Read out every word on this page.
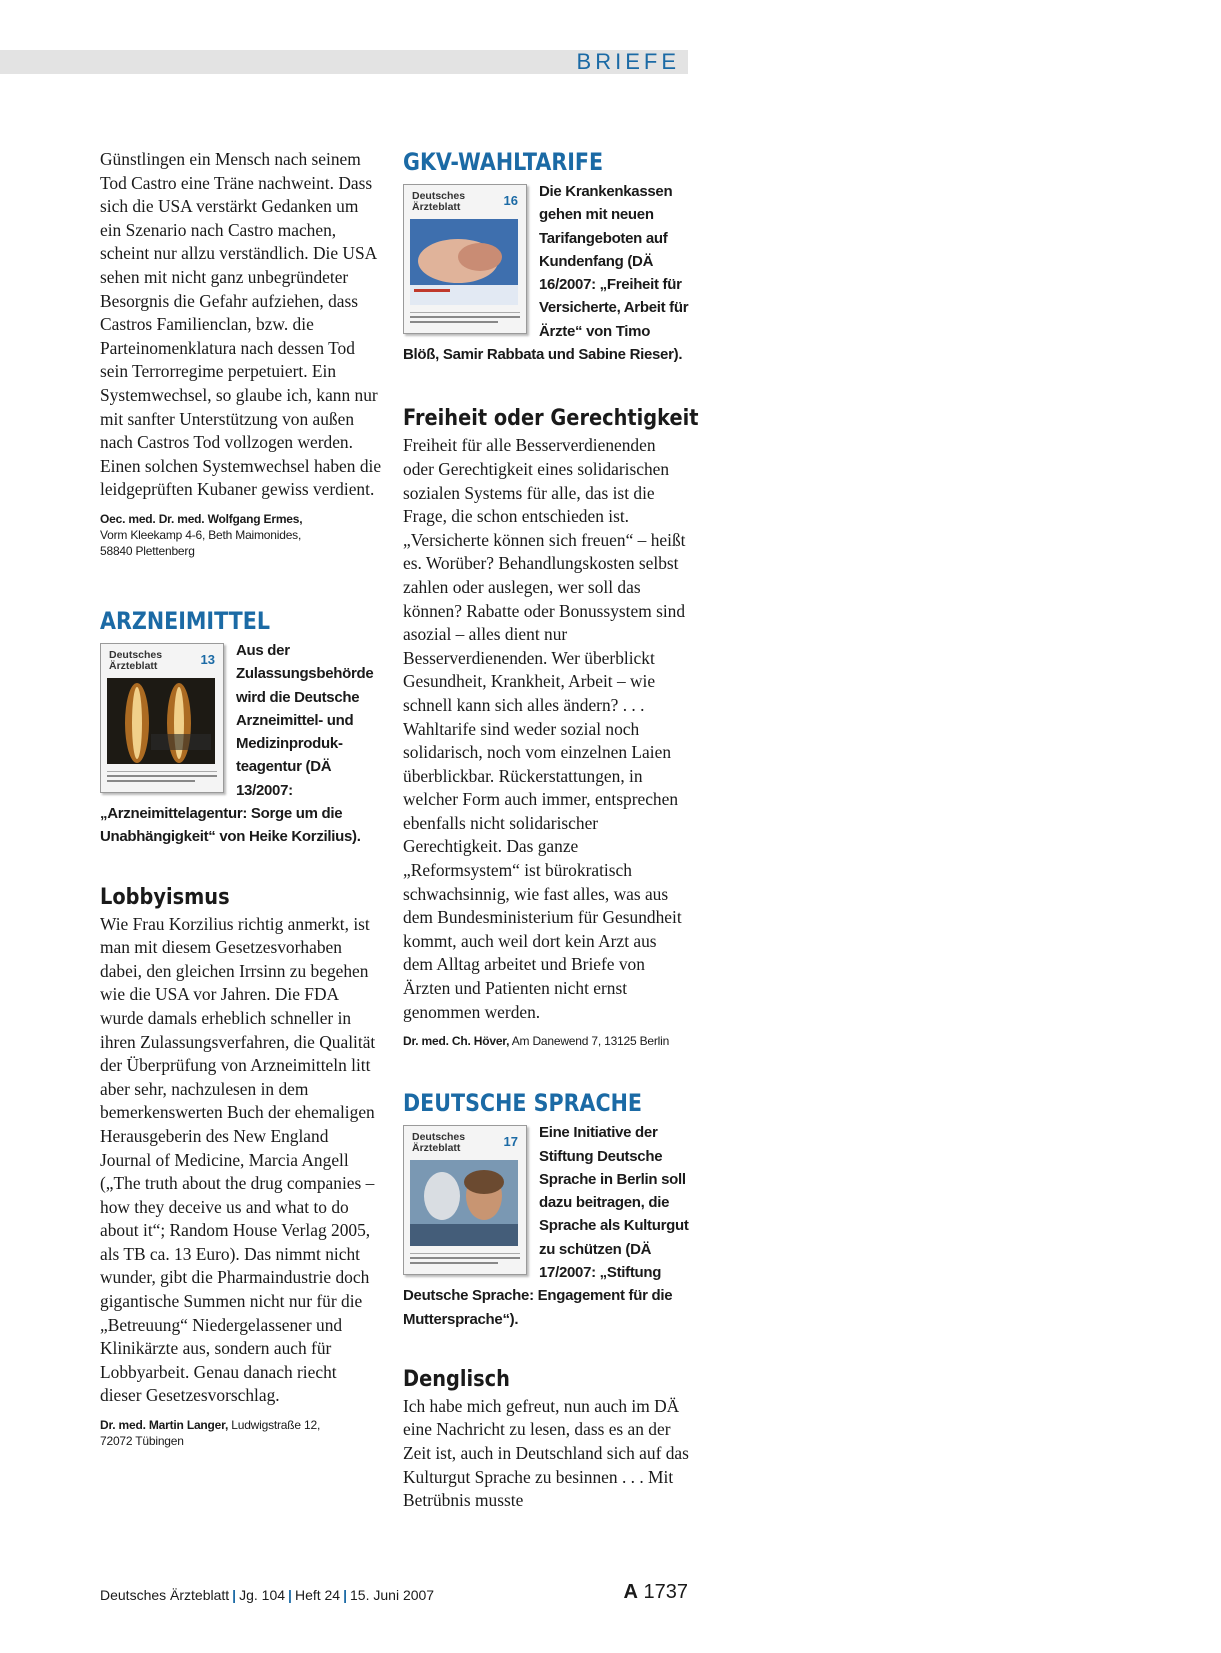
BRIEFE

Günstlingen ein Mensch nach seinem Tod Castro eine Träne nachweint. Dass sich die USA verstärkt Gedanken um ein Szenario nach Castro machen, scheint nur allzu verständlich. Die USA sehen mit nicht ganz unbegründeter Besorgnis die Gefahr aufziehen, dass Castros Familienclan, bzw. die Parteinomenklatura nach dessen Tod sein Terrorregime perpetuiert. Ein Systemwechsel, so glaube ich, kann nur mit sanfter Unterstützung von außen nach Castros Tod vollzogen werden. Einen solchen Systemwechsel haben die leidgeprüften Kubaner gewiss verdient.

Oec. med. Dr. med. Wolfgang Ermes,
Vorm Kleekamp 4-6, Beth Maimonides,
58840 Plettenberg

ARZNEIMITTEL
Deutsches Ärzteblatt	13

Aus der Zulassungsbehörde wird die Deutsche Arzneimittel- und Medizinprodukteagentur (DÄ 13/2007: „Arzneimittelagentur: Sorge um die Unabhängigkeit“ von Heike Korzilius).

Lobbyismus

Wie Frau Korzilius richtig anmerkt, ist man mit diesem Gesetzesvorhaben dabei, den gleichen Irrsinn zu begehen wie die USA vor Jahren. Die FDA wurde damals erheblich schneller in ihren Zulassungsverfahren, die Qualität der Überprüfung von Arzneimitteln litt aber sehr, nachzulesen in dem bemerkenswerten Buch der ehemaligen Herausgeberin des New England Journal of Medicine, Marcia Angell („The truth about the drug companies – how they deceive us and what to do about it“; Random House Verlag 2005, als TB ca. 13 Euro). Das nimmt nicht wunder, gibt die Pharmaindustrie doch gigantische Summen nicht nur für die „Betreuung“ Niedergelassener und Klinikärzte aus, sondern auch für Lobbyarbeit. Genau danach riecht dieser Gesetzesvorschlag.

Dr. med. Martin Langer, Ludwigstraße 12,
72072 Tübingen

GKV-WAHLTARIFE
Deutsches Ärzteblatt	16

Die Krankenkassen gehen mit neuen Tarifangeboten auf Kundenfang (DÄ 16/2007: „Freiheit für Versicherte, Arbeit für Ärzte“ von Timo Blöß, Samir Rabbata und Sabine Rieser).

Freiheit oder Gerechtigkeit

Freiheit für alle Besserverdienenden oder Gerechtigkeit eines solidarischen sozialen Systems für alle, das ist die Frage, die schon entschieden ist. „Versicherte können sich freuen“ – heißt es. Worüber? Behandlungskosten selbst zahlen oder auslegen, wer soll das können? Rabatte oder Bonussystem sind asozial – alles dient nur Besserverdienenden. Wer überblickt Gesundheit, Krankheit, Arbeit – wie schnell kann sich alles ändern? . . . Wahltarife sind weder sozial noch solidarisch, noch vom einzelnen Laien überblickbar. Rückerstattungen, in welcher Form auch immer, entsprechen ebenfalls nicht solidarischer Gerechtigkeit. Das ganze „Reformsystem“ ist bürokratisch schwachsinnig, wie fast alles, was aus dem Bundesministerium für Gesundheit kommt, auch weil dort kein Arzt aus dem Alltag arbeitet und Briefe von Ärzten und Patienten nicht ernst genommen werden.

Dr. med. Ch. Höver, Am Danewend 7, 13125 Berlin

DEUTSCHE SPRACHE
Deutsches Ärzteblatt	17

Eine Initiative der Stiftung Deutsche Sprache in Berlin soll dazu beitragen, die Sprache als Kulturgut zu schützen (DÄ 17/2007: „Stiftung Deutsche Sprache: Engagement für die Muttersprache“).

Denglisch

Ich habe mich gefreut, nun auch im DÄ eine Nachricht zu lesen, dass es an der Zeit ist, auch in Deutschland sich auf das Kulturgut Sprache zu besinnen . . . Mit Betrübnis musste

Deutsches Ärzteblatt | Jg. 104 | Heft 24 | 15. Juni 2007	A 1737
